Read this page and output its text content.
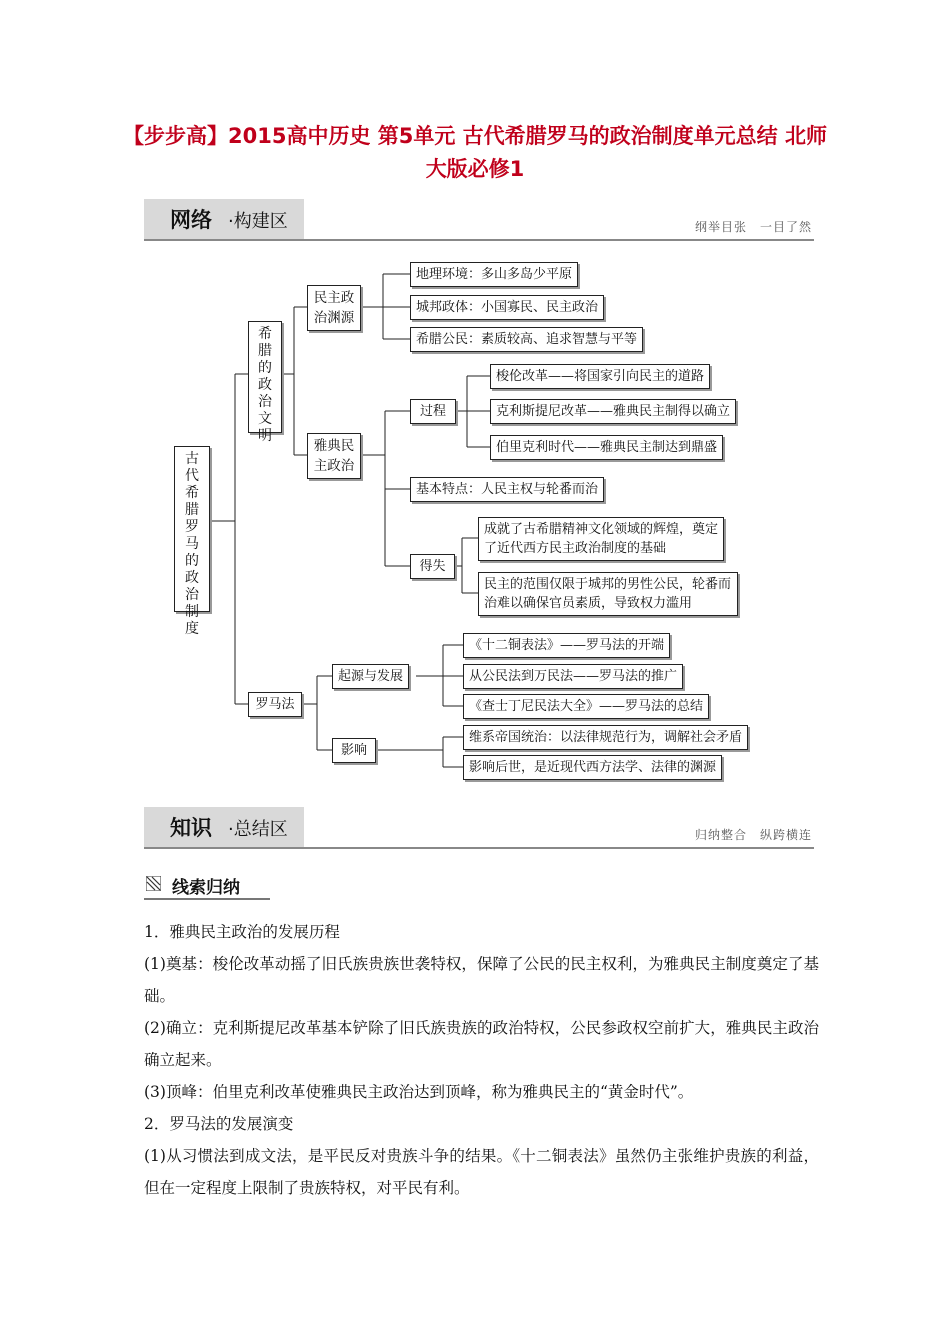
【步步高】2015高中历史 第5单元 古代希腊罗马的政治制度单元总结 北师大版必修1
网络 ·构建区	纲举目张　一目了然
古
代
希
腊
罗
马
的
政
治
制
度
希
腊
的
政
治
文
明
民主政
治渊源
雅典民
主政治
罗马法
地理环境：多山多岛少平原
城邦政体：小国寡民、民主政治
希腊公民：素质较高、追求智慧与平等
过程
基本特点：人民主权与轮番而治
得失
梭伦改革——将国家引向民主的道路
克利斯提尼改革——雅典民主制得以确立
伯里克利时代——雅典民主制达到鼎盛
成就了古希腊精神文化领域的辉煌，奠定了近代西方民主政治制度的基础
民主的范围仅限于城邦的男性公民，轮番而治难以确保官员素质，导致权力滥用
起源与发展
影响
《十二铜表法》——罗马法的开端
从公民法到万民法——罗马法的推广
《查士丁尼民法大全》——罗马法的总结
维系帝国统治：以法律规范行为，调解社会矛盾
影响后世，是近现代西方法学、法律的渊源
知识 ·总结区	归纳整合　纵跨横连
线索归纳

1．雅典民主政治的发展历程

(1)奠基：梭伦改革动摇了旧氏族贵族世袭特权，保障了公民的民主权利，为雅典民主制度奠定了基础。

(2)确立：克利斯提尼改革基本铲除了旧氏族贵族的政治特权，公民参政权空前扩大，雅典民主政治确立起来。

(3)顶峰：伯里克利改革使雅典民主政治达到顶峰，称为雅典民主的“黄金时代”。

2．罗马法的发展演变

(1)从习惯法到成文法，是平民反对贵族斗争的结果。《十二铜表法》虽然仍主张维护贵族的利益，但在一定程度上限制了贵族特权，对平民有利。
